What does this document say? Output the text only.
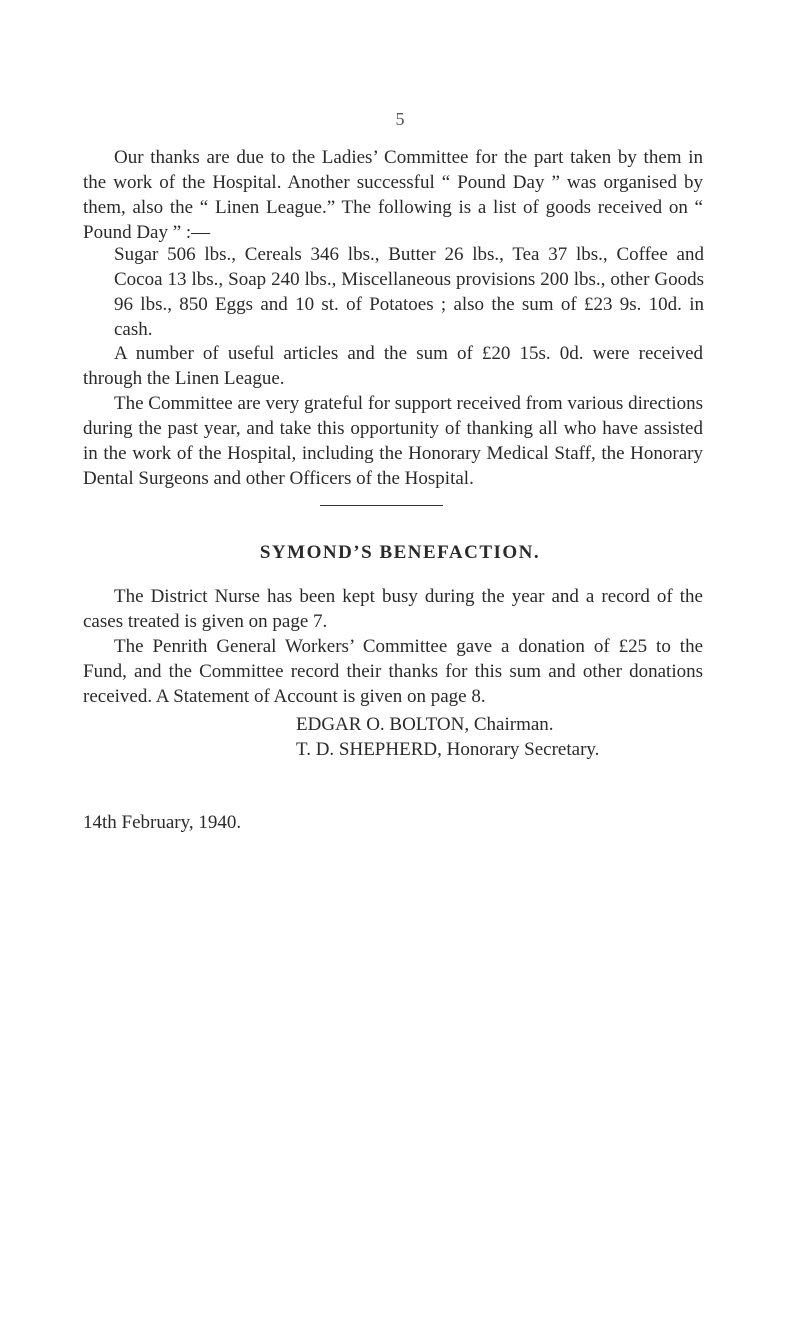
5

Our thanks are due to the Ladies’ Committee for the part taken by them in the work of the Hospital. Another successful “ Pound Day ” was organised by them, also the “ Linen League.” The following is a list of goods received on “ Pound Day ” :—

Sugar 506 lbs., Cereals 346 lbs., Butter 26 lbs., Tea 37 lbs., Coffee and Cocoa 13 lbs., Soap 240 lbs., Miscellaneous provisions 200 lbs., other Goods 96 lbs., 850 Eggs and 10 st. of Potatoes ; also the sum of £23 9s. 10d. in cash.

A number of useful articles and the sum of £20 15s. 0d. were received through the Linen League.

The Committee are very grateful for support received from various directions during the past year, and take this opportunity of thanking all who have assisted in the work of the Hospital, including the Honorary Medical Staff, the Honorary Dental Surgeons and other Officers of the Hospital.

SYMOND’S BENEFACTION.

The District Nurse has been kept busy during the year and a record of the cases treated is given on page 7.

The Penrith General Workers’ Committee gave a donation of £25 to the Fund, and the Committee record their thanks for this sum and other donations received. A Statement of Account is given on page 8.

EDGAR O. BOLTON, Chairman.

T. D. SHEPHERD, Honorary Secretary.

14th February, 1940.
